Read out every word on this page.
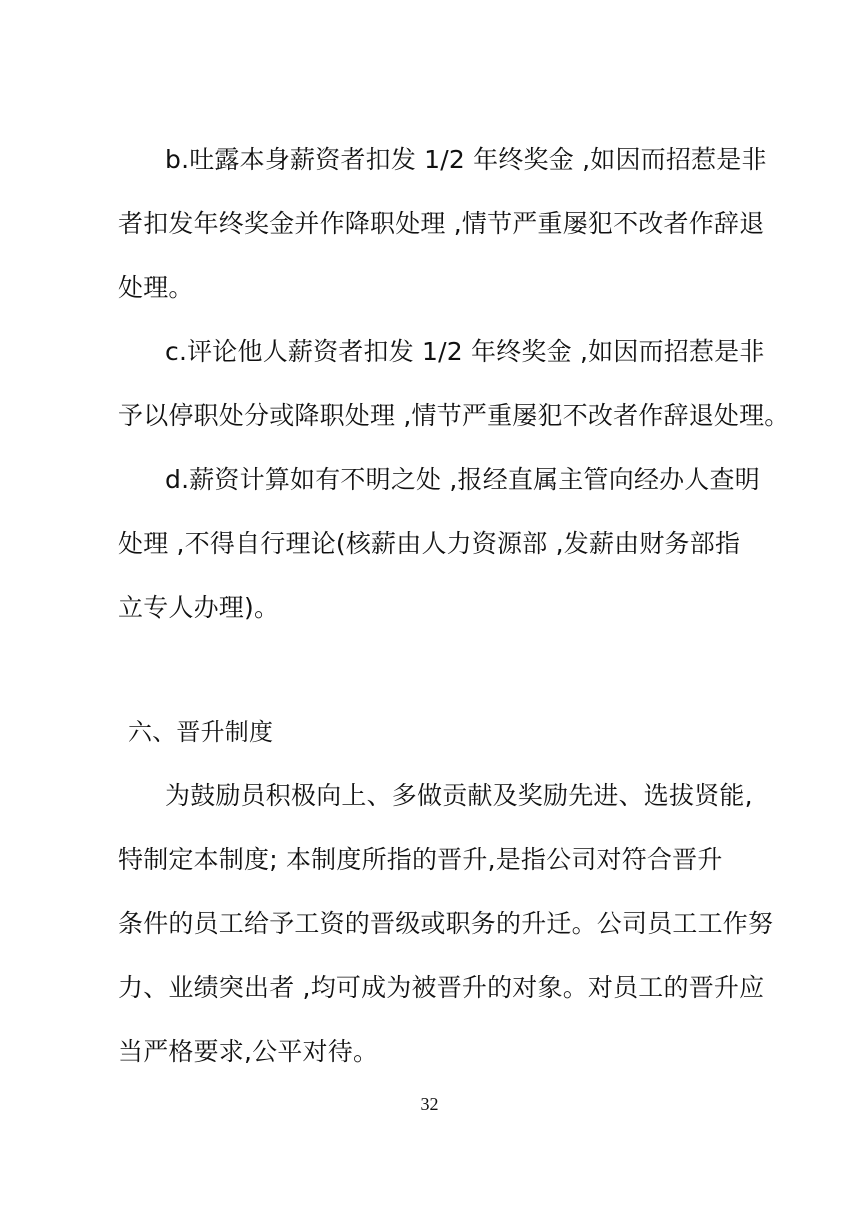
b.吐露本身薪资者扣发 1/2 年终奖金 ,如因而招惹是非
者扣发年终奖金并作降职处理 ,情节严重屡犯不改者作辞退
处理。
c.评论他人薪资者扣发 1/2 年终奖金 ,如因而招惹是非
予以停职处分或降职处理 ,情节严重屡犯不改者作辞退处理。
d.薪资计算如有不明之处 ,报经直属主管向经办人查明
处理 ,不得自行理论(核薪由人力资源部 ,发薪由财务部指
立专人办理)。
六、晋升制度
为鼓励员积极向上、多做贡献及奖励先进、选拔贤能,
特制定本制度; 本制度所指的晋升,是指公司对符合晋升
条件的员工给予工资的晋级或职务的升迁。公司员工工作努
力、业绩突出者 ,均可成为被晋升的对象。对员工的晋升应
当严格要求,公平对待。
32
